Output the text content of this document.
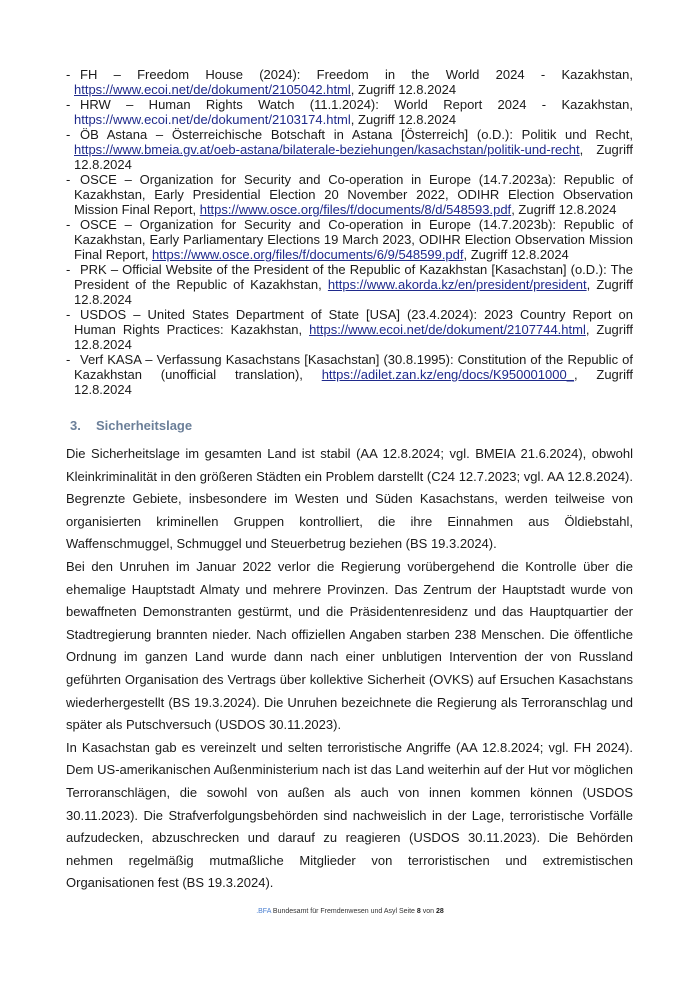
- FH – Freedom House (2024): Freedom in the World 2024 - Kazakhstan, https://www.ecoi.net/de/dokument/2105042.html, Zugriff 12.8.2024
- HRW – Human Rights Watch (11.1.2024): World Report 2024 - Kazakhstan, https://www.ecoi.net/de/dokument/2103174.html, Zugriff 12.8.2024
- ÖB Astana – Österreichische Botschaft in Astana [Österreich] (o.D.): Politik und Recht, https://www.bmeia.gv.at/oeb-astana/bilaterale-beziehungen/kasachstan/politik-und-recht, Zugriff 12.8.2024
- OSCE – Organization for Security and Co-operation in Europe (14.7.2023a): Republic of Kazakhstan, Early Presidential Election 20 November 2022, ODIHR Election Observation Mission Final Report, https://www.osce.org/files/f/documents/8/d/548593.pdf, Zugriff 12.8.2024
- OSCE – Organization for Security and Co-operation in Europe (14.7.2023b): Republic of Kazakhstan, Early Parliamentary Elections 19 March 2023, ODIHR Election Observation Mission Final Report, https://www.osce.org/files/f/documents/6/9/548599.pdf, Zugriff 12.8.2024
- PRK – Official Website of the President of the Republic of Kazakhstan [Kasachstan] (o.D.): The President of the Republic of Kazakhstan, https://www.akorda.kz/en/president/president, Zugriff 12.8.2024
- USDOS – United States Department of State [USA] (23.4.2024): 2023 Country Report on Human Rights Practices: Kazakhstan, https://www.ecoi.net/de/dokument/2107744.html, Zugriff 12.8.2024
- Verf KASA – Verfassung Kasachstans [Kasachstan] (30.8.1995): Constitution of the Republic of Kazakhstan (unofficial translation), https://adilet.zan.kz/eng/docs/K950001000_, Zugriff 12.8.2024
3. Sicherheitslage

Die Sicherheitslage im gesamten Land ist stabil (AA 12.8.2024; vgl. BMEIA 21.6.2024), obwohl Kleinkriminalität in den größeren Städten ein Problem darstellt (C24 12.7.2023; vgl. AA 12.8.2024). Begrenzte Gebiete, insbesondere im Westen und Süden Kasachstans, werden teilweise von organisierten kriminellen Gruppen kontrolliert, die ihre Einnahmen aus Öldiebstahl, Waffenschmuggel, Schmuggel und Steuerbetrug beziehen (BS 19.3.2024).

Bei den Unruhen im Januar 2022 verlor die Regierung vorübergehend die Kontrolle über die ehemalige Hauptstadt Almaty und mehrere Provinzen. Das Zentrum der Hauptstadt wurde von bewaffneten Demonstranten gestürmt, und die Präsidentenresidenz und das Hauptquartier der Stadtregierung brannten nieder. Nach offiziellen Angaben starben 238 Menschen. Die öffentliche Ordnung im ganzen Land wurde dann nach einer unblutigen Intervention der von Russland geführten Organisation des Vertrags über kollektive Sicherheit (OVKS) auf Ersuchen Kasachstans wiederhergestellt (BS 19.3.2024). Die Unruhen bezeichnete die Regierung als Terroranschlag und später als Putschversuch (USDOS 30.11.2023).

In Kasachstan gab es vereinzelt und selten terroristische Angriffe (AA 12.8.2024; vgl. FH 2024). Dem US-amerikanischen Außenministerium nach ist das Land weiterhin auf der Hut vor möglichen Terroranschlägen, die sowohl von außen als auch von innen kommen können (USDOS 30.11.2023). Die Strafverfolgungsbehörden sind nachweislich in der Lage, terroristische Vorfälle aufzudecken, abzuschrecken und darauf zu reagieren (USDOS 30.11.2023). Die Behörden nehmen regelmäßig mutmaßliche Mitglieder von terroristischen und extremistischen Organisationen fest (BS 19.3.2024).

.BFA Bundesamt für Fremdenwesen und Asyl Seite 8 von 28
